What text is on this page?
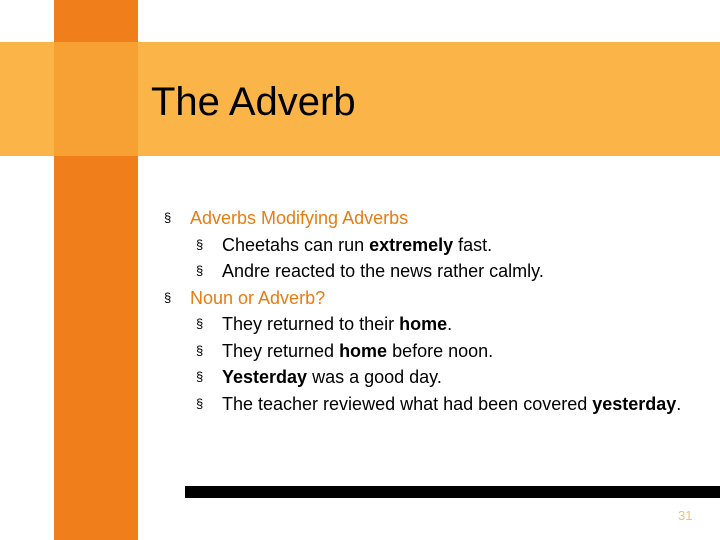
The Adverb
§ Adverbs Modifying Adverbs
§ Cheetahs can run extremely fast.
§ Andre reacted to the news rather calmly.
§ Noun or Adverb?
§ They returned to their home.
§ They returned home before noon.
§ Yesterday was a good day.
§ The teacher reviewed what had been covered yesterday.
31
